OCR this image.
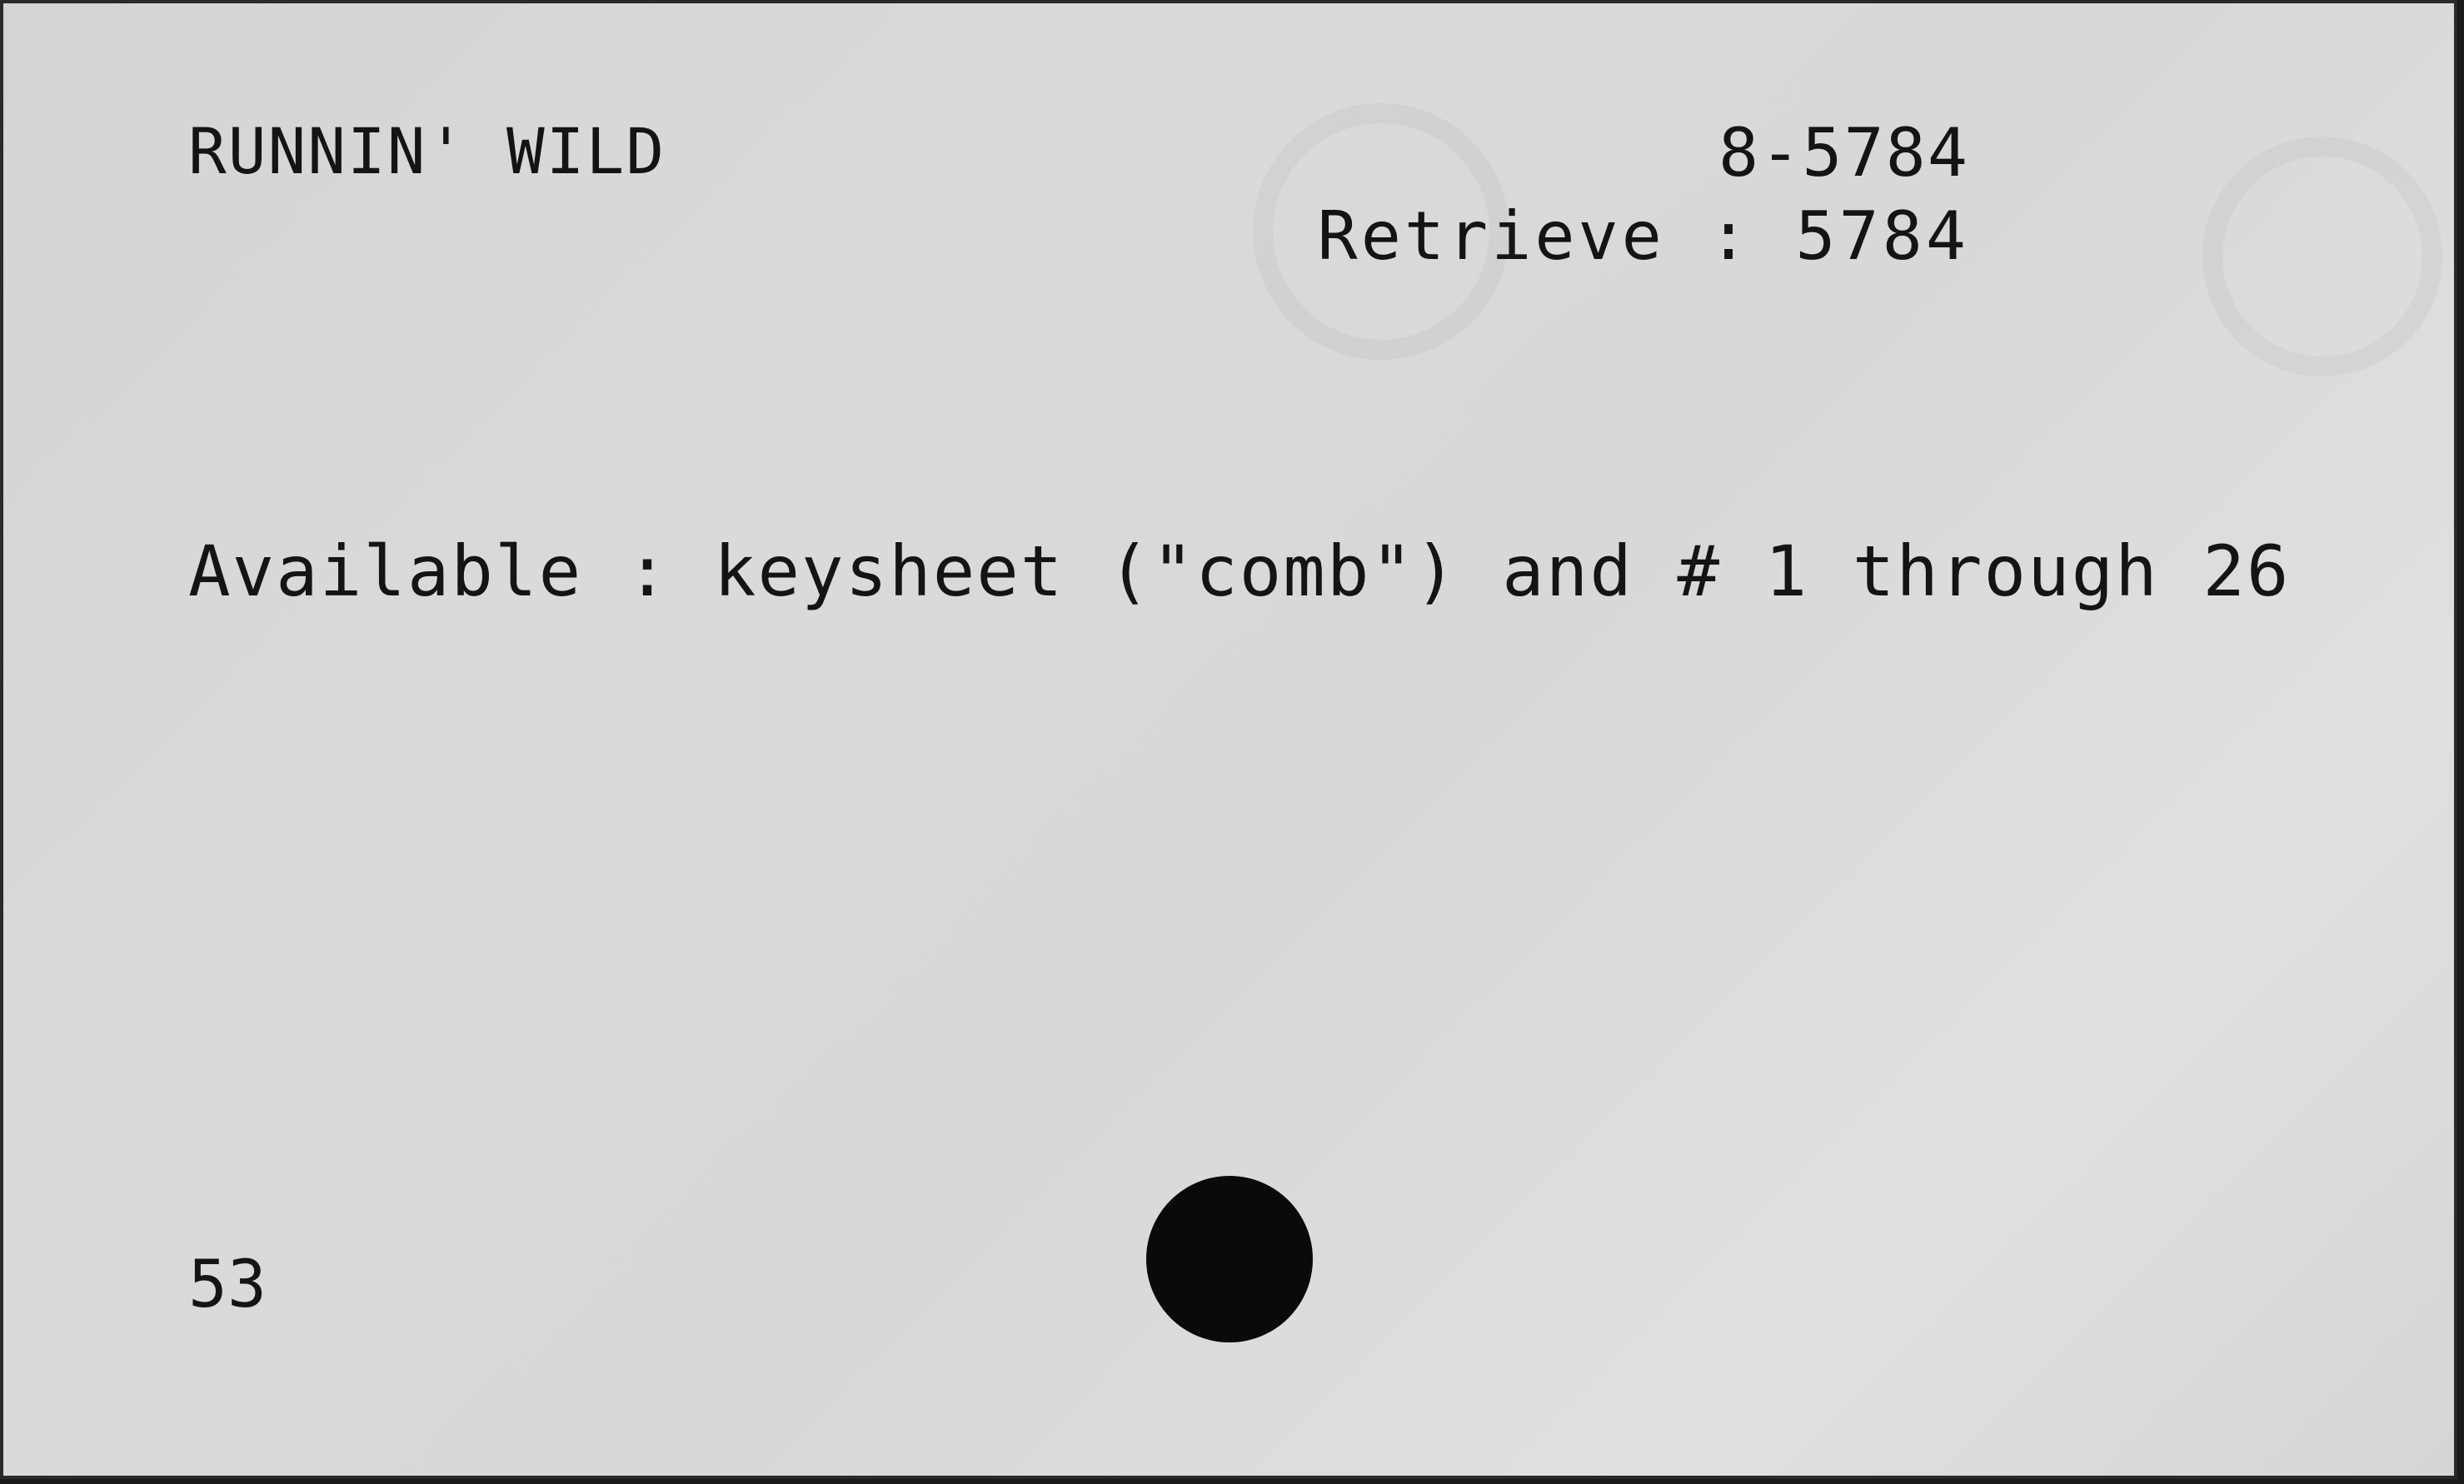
RUNNIN' WILD	8-5784
Retrieve : 5784
Available : keysheet ("comb") and # 1 through 26
53
